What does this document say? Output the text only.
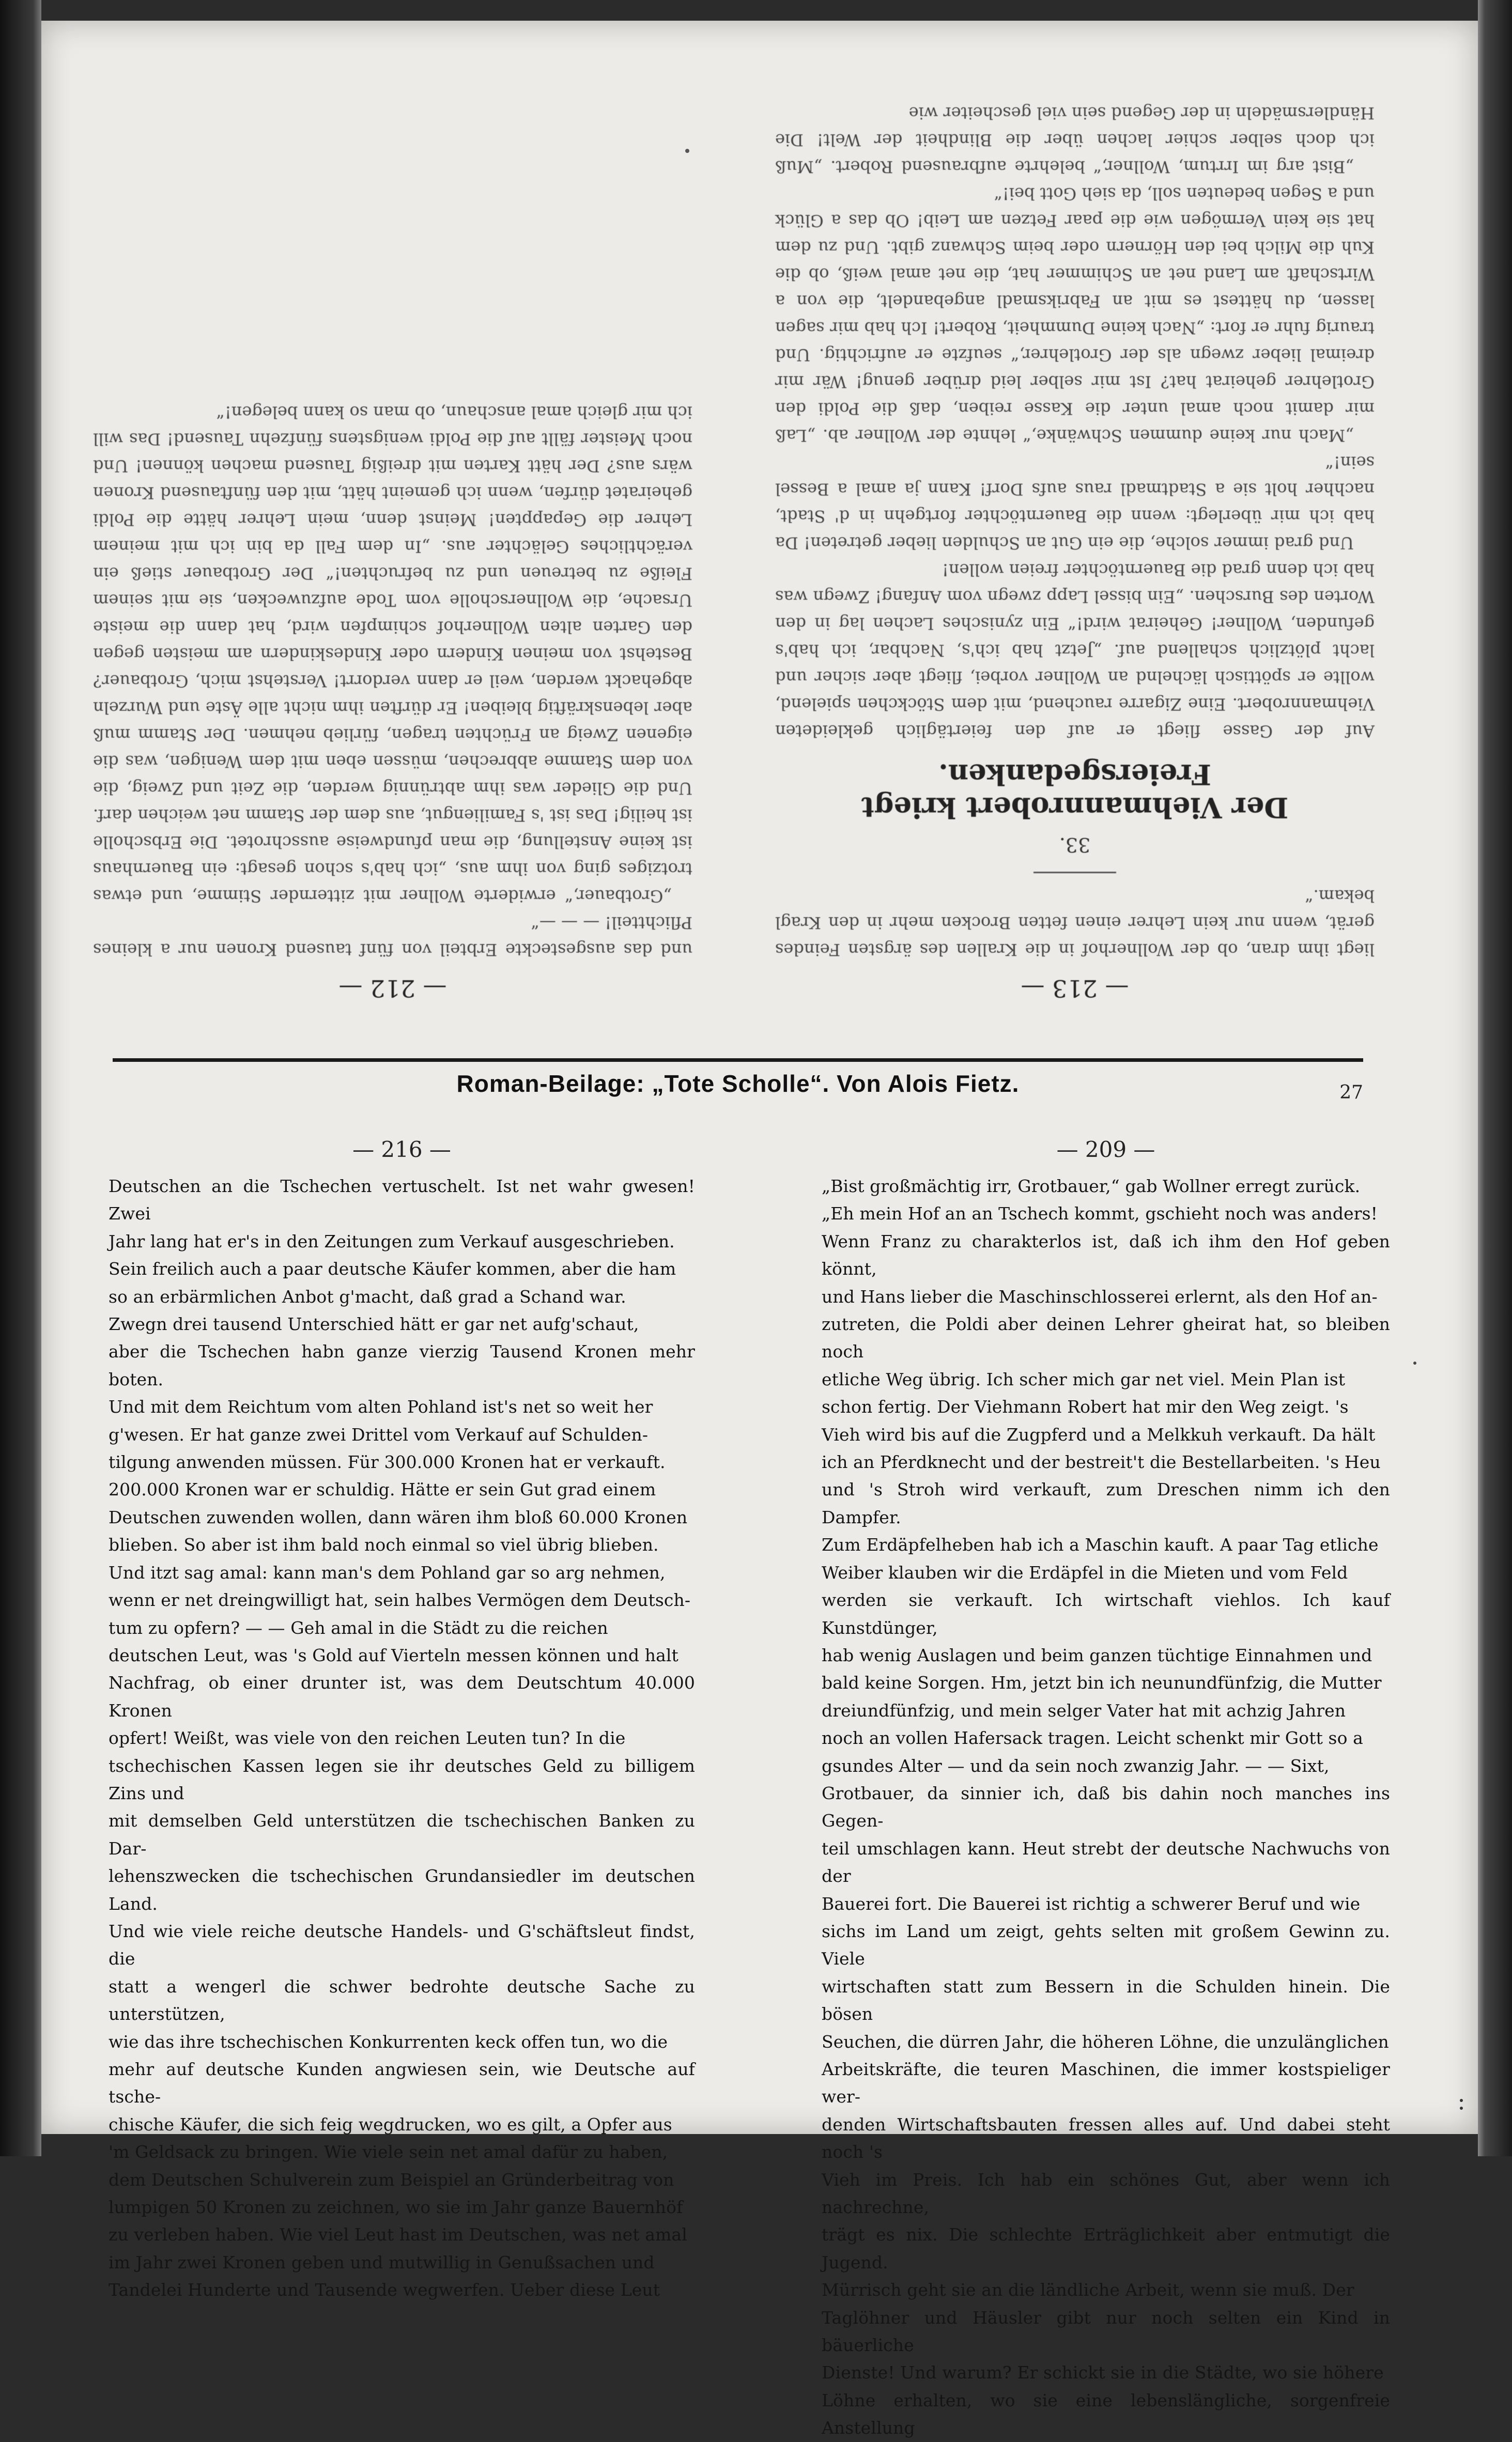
— 213 —

liegt ihm dran, ob der Wollnerhof in die Krallen des ärgsten Feindes gerät, wenn nur kein Lehrer einen fetten Brocken mehr in den Kragl bekam.“

33.
Der Viehmannrobert kriegt Freiersgedanken.

Auf der Gasse fliegt er auf den feiertäglich gekleideten Viehmannrobert. Eine Zigarre rauchend, mit dem Stöckchen spielend, wollte er spöttisch lächelnd an Wollner vorbei, fliegt aber sicher und lacht plötzlich schallend auf. „Jetzt hab ich's, Nachbar, ich hab's gefunden, Wollner! Geheirat wird!“ Ein zynisches Lachen lag in den Worten des Burschen. „Ein bissel Lapp zwegn vom Anfang! Zwegn was hab ich denn grad die Bauerntöchter freien wollen!

Und grad immer solche, die ein Gut an Schulden lieber getreten! Da hab ich mir überlegt: wenn die Bauerntöchter fortgehn in d' Stadt, nachher holt sie a Stadtmadl raus aufs Dorf! Kann ja amal a Bessel sein!“

„Mach nur keine dummen Schwänke,“ lehnte der Wollner ab. „Laß mir damit noch amal unter die Kasse reiben, daß die Poldi den Grotlehrer geheirat hat? Ist mir selber leid drüber genug! Wär mir dreimal lieber zwegn als der Grotlehrer,“ seufzte er aufrichtig. Und traurig fuhr er fort: „Nach keine Dummheit, Robert! Ich hab mir sagen lassen, du hättest es mit an Fabriksmadl angebandelt, die von a Wirtschaft am Land net an Schimmer hat, die net amal weiß, ob die Kuh die Milch bei den Hörnern oder beim Schwanz gibt. Und zu dem hat sie kein Vermögen wie die paar Fetzen am Leib! Ob das a Glück und a Segen bedeuten soll, da sieh Gott bei!“

„Bist arg im Irrtum, Wollner,“ belehrte aufbrausend Robert. „Muß ich doch selber schier lachen über die Blindheit der Welt! Die Händlersmädeln in der Gegend sein viel gescheiter wie

— 212 —

und das ausgesteckte Erbteil von fünf tausend Kronen nur a kleines Pflichtteil! — — —“

„Grotbauer,“ erwiderte Wollner mit zitternder Stimme, und etwas trotziges ging von ihm aus, „ich hab's schon gesagt: ein Bauernhaus ist keine Anstellung, die man pfundweise ausschrotet. Die Erbscholle ist heilig! Das ist 's Familiengut, aus dem der Stamm net weichen darf. Und die Glieder was ihm abtrünnig werden, die Zeit und Zweig, die von dem Stamme abbrechen, müssen eben mit dem Wenigen, was die eigenen Zweig an Früchten tragen, fürlieb nehmen. Der Stamm muß aber lebenskräftig bleiben! Er dürften ihm nicht alle Äste und Wurzeln abgehackt werden, weil er dann verdorrt! Verstehst mich, Grotbauer? Bestehst von meinen Kindern oder Kindeskindern am meisten gegen den Garten alten Wollnerhof schimpfen wird, hat dann die meiste Ursache, die Wollnerscholle vom Tode aufzuwecken, sie mit seinem Fleiße zu betreuen und zu befruchten!“ Der Grotbauer stieß ein verächtliches Gelächter aus. „In dem Fall da bin ich mit meinem Lehrer die Gepappten! Meinst denn, mein Lehrer hätte die Poldi geheiratet dürfen, wenn ich gemeint hätt, mit den fünftausend Kronen wärs aus? Der hätt Karten mit dreißig Tausend machen können! Und noch Meister fällt auf die Poldi wenigstens fünfzehn Tausend! Das will ich mir gleich amal anschaun, ob man so kann belegen!“

Roman-Beilage: „Tote Scholle“. Von Alois Fietz.	27
— 216 —

Deutschen an die Tschechen vertuschelt. Ist net wahr gwesen! Zwei

Jahr lang hat er's in den Zeitungen zum Verkauf ausgeschrieben.

Sein freilich auch a paar deutsche Käufer kommen, aber die ham

so an erbärmlichen Anbot g'macht, daß grad a Schand war.

Zwegn drei tausend Unterschied hätt er gar net aufg'schaut,

aber die Tschechen habn ganze vierzig Tausend Kronen mehr boten.

Und mit dem Reichtum vom alten Pohland ist's net so weit her

g'wesen. Er hat ganze zwei Drittel vom Verkauf auf Schulden-

tilgung anwenden müssen. Für 300.000 Kronen hat er verkauft.

200.000 Kronen war er schuldig. Hätte er sein Gut grad einem

Deutschen zuwenden wollen, dann wären ihm bloß 60.000 Kronen

blieben. So aber ist ihm bald noch einmal so viel übrig blieben.

Und itzt sag amal: kann man's dem Pohland gar so arg nehmen,

wenn er net dreingwilligt hat, sein halbes Vermögen dem Deutsch-

tum zu opfern? — — Geh amal in die Städt zu die reichen

deutschen Leut, was 's Gold auf Vierteln messen können und halt

Nachfrag, ob einer drunter ist, was dem Deutschtum 40.000 Kronen

opfert! Weißt, was viele von den reichen Leuten tun? In die

tschechischen Kassen legen sie ihr deutsches Geld zu billigem Zins und

mit demselben Geld unterstützen die tschechischen Banken zu Dar-

lehenszwecken die tschechischen Grundansiedler im deutschen Land.

Und wie viele reiche deutsche Handels- und G'schäftsleut findst, die

statt a wengerl die schwer bedrohte deutsche Sache zu unterstützen,

wie das ihre tschechischen Konkurrenten keck offen tun, wo die

mehr auf deutsche Kunden angwiesen sein, wie Deutsche auf tsche-

chische Käufer, die sich feig wegdrucken, wo es gilt, a Opfer aus

'm Geldsack zu bringen. Wie viele sein net amal dafür zu haben,

dem Deutschen Schulverein zum Beispiel an Gründerbeitrag von

lumpigen 50 Kronen zu zeichnen, wo sie im Jahr ganze Bauernhöf

zu verleben haben. Wie viel Leut hast im Deutschen, was net amal

im Jahr zwei Kronen geben und mutwillig in Genußsachen und

Tandelei Hunderte und Tausende wegwerfen. Ueber diese Leut

— 209 —

„Bist großmächtig irr, Grotbauer,“ gab Wollner erregt zurück.

„Eh mein Hof an an Tschech kommt, gschieht noch was anders!

Wenn Franz zu charakterlos ist, daß ich ihm den Hof geben könnt,

und Hans lieber die Maschinschlosserei erlernt, als den Hof an-

zutreten, die Poldi aber deinen Lehrer gheirat hat, so bleiben noch

etliche Weg übrig. Ich scher mich gar net viel. Mein Plan ist

schon fertig. Der Viehmann Robert hat mir den Weg zeigt. 's

Vieh wird bis auf die Zugpferd und a Melkkuh verkauft. Da hält

ich an Pferdknecht und der bestreit't die Bestellarbeiten. 's Heu

und 's Stroh wird verkauft, zum Dreschen nimm ich den Dampfer.

Zum Erdäpfelheben hab ich a Maschin kauft. A paar Tag etliche

Weiber klauben wir die Erdäpfel in die Mieten und vom Feld

werden sie verkauft. Ich wirtschaft viehlos. Ich kauf Kunstdünger,

hab wenig Auslagen und beim ganzen tüchtige Einnahmen und

bald keine Sorgen. Hm, jetzt bin ich neunundfünfzig, die Mutter

dreiundfünfzig, und mein selger Vater hat mit achzig Jahren

noch an vollen Hafersack tragen. Leicht schenkt mir Gott so a

gsundes Alter — und da sein noch zwanzig Jahr. — — Sixt,

Grotbauer, da sinnier ich, daß bis dahin noch manches ins Gegen-

teil umschlagen kann. Heut strebt der deutsche Nachwuchs von der

Bauerei fort. Die Bauerei ist richtig a schwerer Beruf und wie

sichs im Land um zeigt, gehts selten mit großem Gewinn zu. Viele

wirtschaften statt zum Bessern in die Schulden hinein. Die bösen

Seuchen, die dürren Jahr, die höheren Löhne, die unzulänglichen

Arbeitskräfte, die teuren Maschinen, die immer kostspieliger wer-

denden Wirtschaftsbauten fressen alles auf. Und dabei steht noch 's

Vieh im Preis. Ich hab ein schönes Gut, aber wenn ich nachrechne,

trägt es nix. Die schlechte Erträglichkeit aber entmutigt die Jugend.

Mürrisch geht sie an die ländliche Arbeit, wenn sie muß. Der

Taglöhner und Häusler gibt nur noch selten ein Kind in bäuerliche

Dienste! Und warum? Er schickt sie in die Städte, wo sie höhere

Löhne erhalten, wo sie eine lebenslängliche, sorgenfreie Anstellung
